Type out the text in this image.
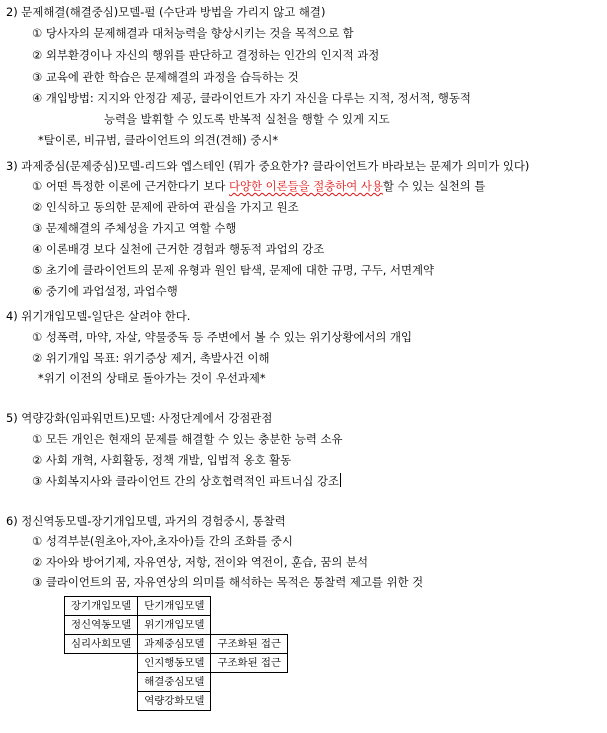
2) 문제해결(해결중심)모델-펄 (수단과 방법을 가리지 않고 해결)
① 당사자의 문제해결과 대처능력을 향상시키는 것을 목적으로 함
② 외부환경이나 자신의 행위를 판단하고 결정하는 인간의 인지적 과정
③ 교육에 관한 학습은 문제해결의 과정을 습득하는 것
④ 개입방법: 지지와 안정감 제공, 클라이언트가 자기 자신을 다루는 지적, 정서적, 행동적
능력을 발휘할 수 있도록 반복적 실천을 행할 수 있게 지도
*탈이론, 비규범, 클라이언트의 의견(견해) 중시*
3) 과제중심(문제중심)모델-리드와 엡스테인 (뭐가 중요한가? 클라이언트가 바라보는 문제가 의미가 있다)
① 어떤 특정한 이론에 근거한다기 보다 다양한 이론들을 절충하여 사용할 수 있는 실천의 틀
② 인식하고 동의한 문제에 관하여 관심을 가지고 원조
③ 문제해결의 주체성을 가지고 역할 수행
④ 이론배경 보다 실천에 근거한 경험과 행동적 과업의 강조
⑤ 초기에 클라이언트의 문제 유형과 원인 탐색, 문제에 대한 규명, 구두, 서면계약
⑥ 중기에 과업설정, 과업수행
4) 위기개입모델-일단은 살려야 한다.
① 성폭력, 마약, 자살, 약물중독 등 주변에서 볼 수 있는 위기상황에서의 개입
② 위기개입 목표: 위기증상 제거, 촉발사건 이해
*위기 이전의 상태로 돌아가는 것이 우선과제*
5) 역량강화(임파워먼트)모델: 사정단계에서 강점관점
① 모든 개인은 현재의 문제를 해결할 수 있는 충분한 능력 소유
② 사회 개혁, 사회활동, 정책 개발, 입법적 옹호 활동
③ 사회복지사와 클라이언트 간의 상호협력적인 파트너십 강조
6) 정신역동모델-장기개입모델, 과거의 경험중시, 통찰력
① 성격부분(원초아,자아,초자아)들 간의 조화를 중시
② 자아와 방어기제, 자유연상, 저항, 전이와 역전이, 훈습, 꿈의 분석
③ 클라이언트의 꿈, 자유연상의 의미를 해석하는 목적은 통찰력 제고를 위한 것
장기개입모델	단기개입모델	
정신역동모델	위기개입모델	
심리사회모델	과제중심모델	구조화된 접근
	인지행동모델	구조화된 접근
	해결중심모델	
	역량강화모델	
